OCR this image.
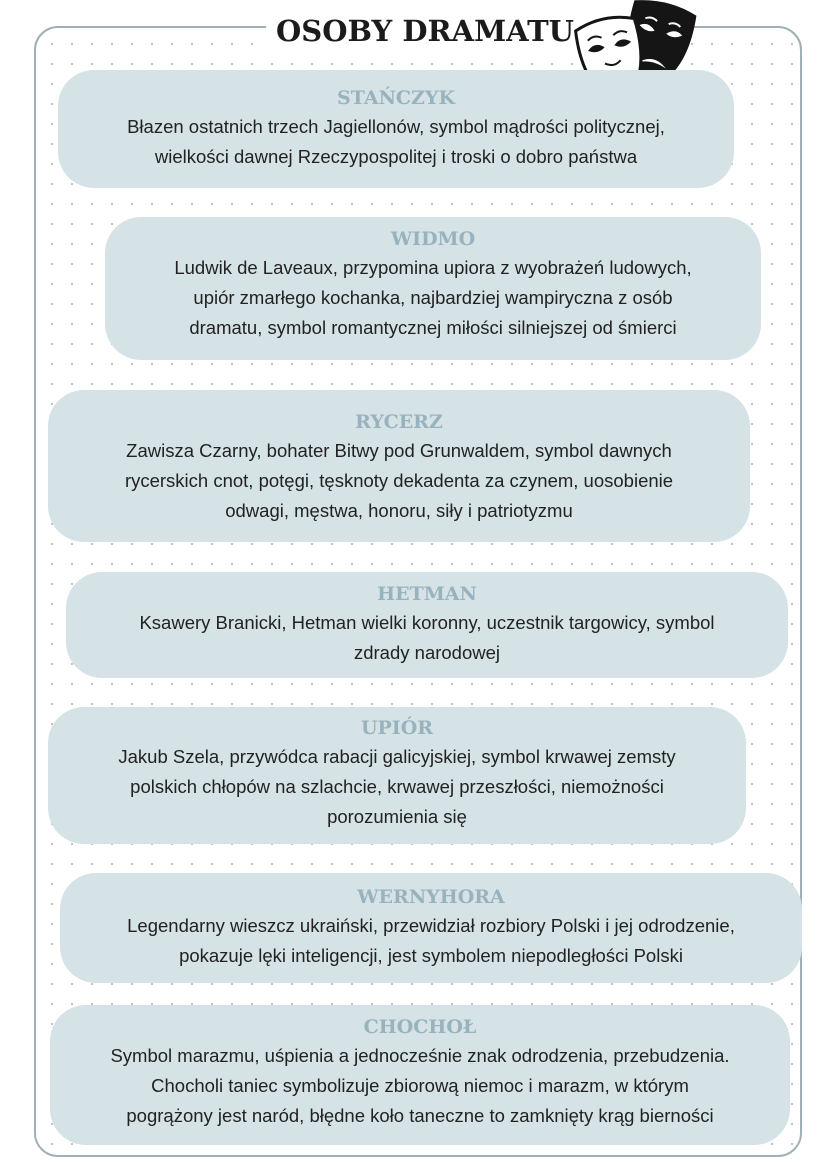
OSOBY DRAMATU
STAŃCZYK
Błazen ostatnich trzech Jagiellonów, symbol mądrości politycznej,
wielkości dawnej Rzeczypospolitej i troski o dobro państwa
WIDMO
Ludwik de Laveaux, przypomina upiora z wyobrażeń ludowych,
upiór zmarłego kochanka, najbardziej wampiryczna z osób
dramatu, symbol romantycznej miłości silniejszej od śmierci
RYCERZ
Zawisza Czarny, bohater Bitwy pod Grunwaldem, symbol dawnych
rycerskich cnot, potęgi, tęsknoty dekadenta za czynem, uosobienie
odwagi, męstwa, honoru, siły i patriotyzmu
HETMAN
Ksawery Branicki, Hetman wielki koronny, uczestnik targowicy, symbol
zdrady narodowej
UPIÓR
Jakub Szela, przywódca rabacji galicyjskiej, symbol krwawej zemsty
polskich chłopów na szlachcie, krwawej przeszłości, niemożności
porozumienia się
WERNYHORA
Legendarny wieszcz ukraiński, przewidział rozbiory Polski i jej odrodzenie,
pokazuje lęki inteligencji, jest symbolem niepodległości Polski
CHOCHOŁ
Symbol marazmu, uśpienia a jednocześnie znak odrodzenia, przebudzenia.
Chocholi taniec symbolizuje zbiorową niemoc i marazm, w którym
pogrążony jest naród, błędne koło taneczne to zamknięty krąg bierności
